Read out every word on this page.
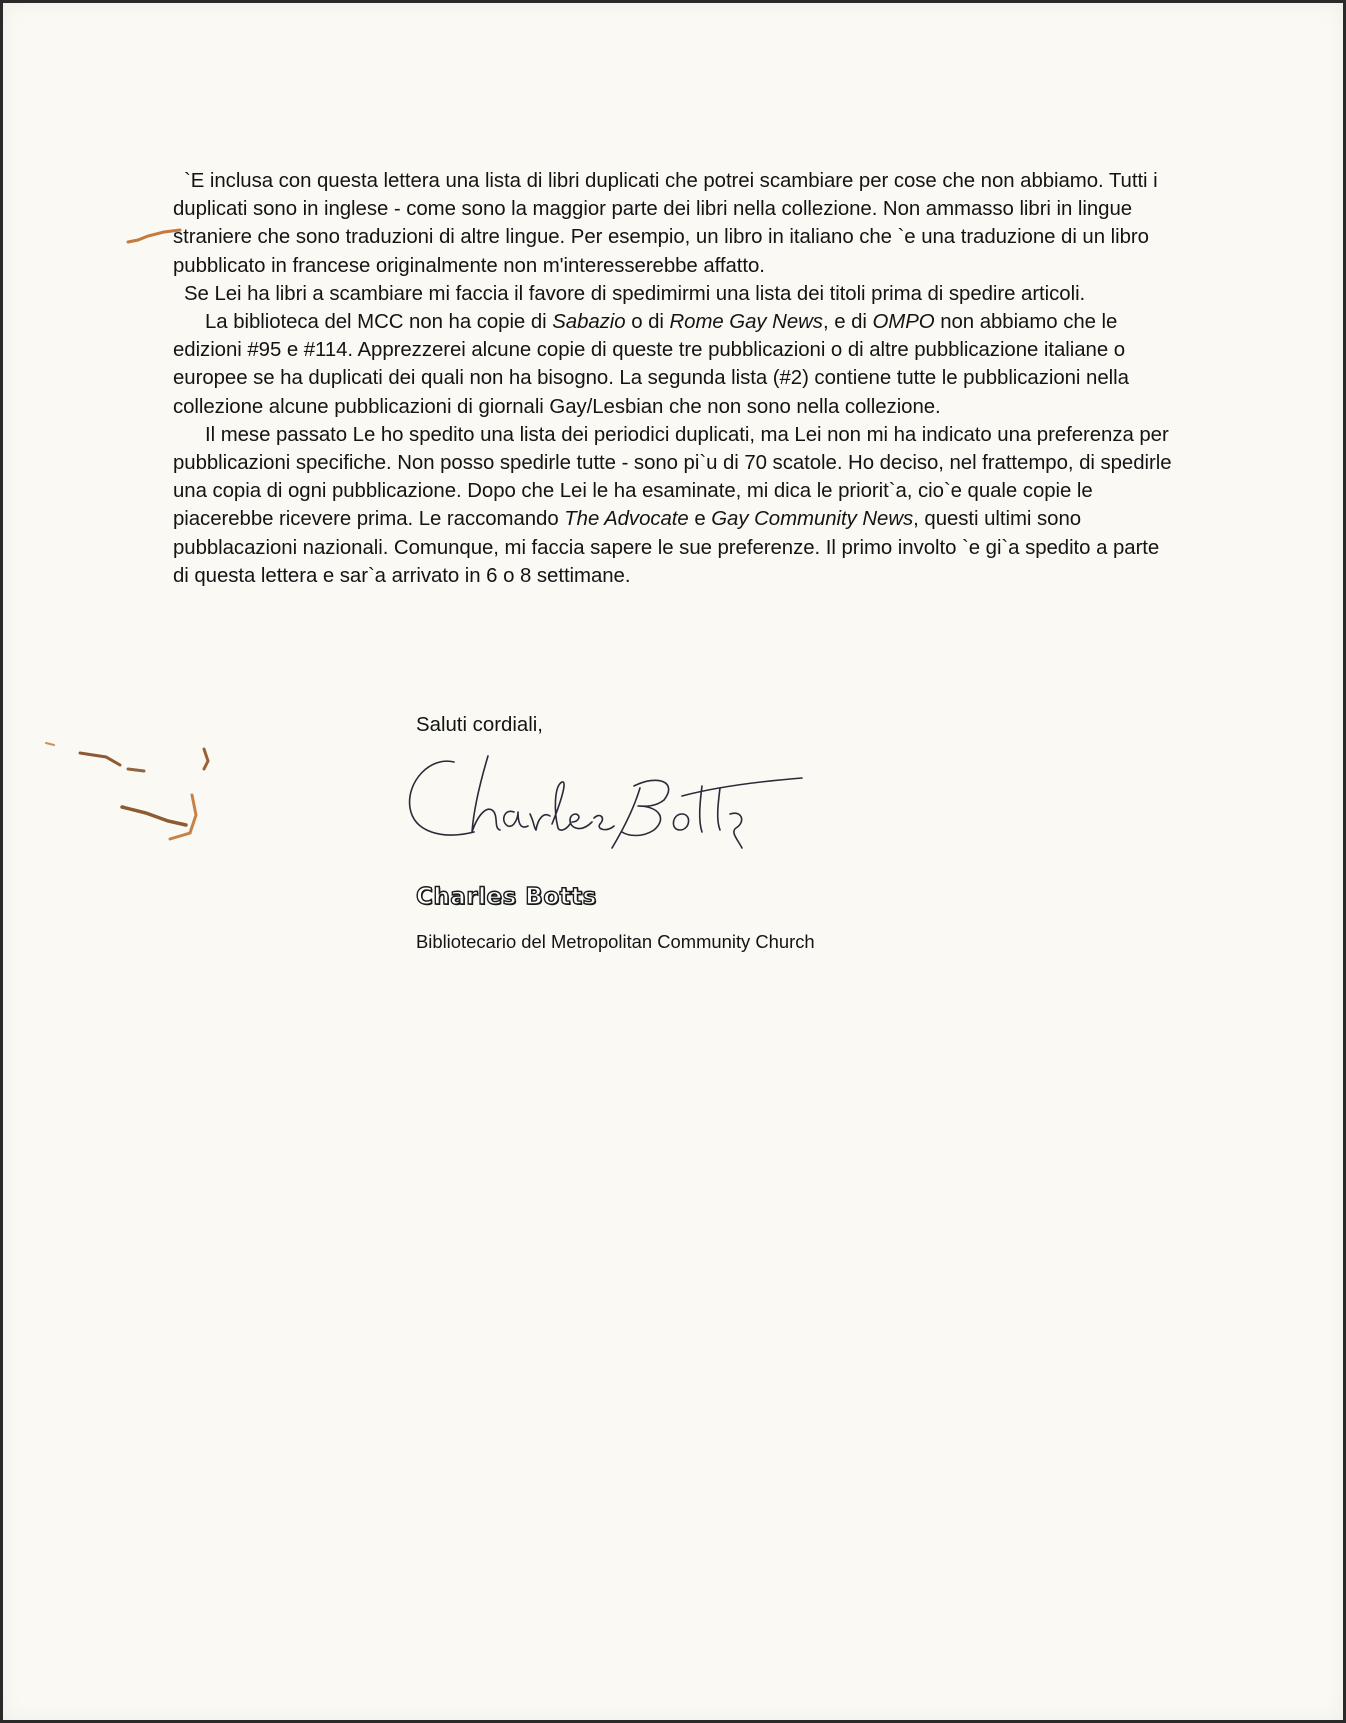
`E inclusa con questa lettera una lista di libri duplicati che potrei scambiare per cose che non abbiamo. Tutti i duplicati sono in inglese - come sono la maggior parte dei libri nella collezione. Non ammasso libri in lingue straniere che sono traduzioni di altre lingue. Per esempio, un libro in italiano che `e una traduzione di un libro pubblicato in francese originalmente non m'interesserebbe affatto.

Se Lei ha libri a scambiare mi faccia il favore di spedimirmi una lista dei titoli prima di spedire articoli.

La biblioteca del MCC non ha copie di Sabazio o di Rome Gay News, e di OMPO non abbiamo che le edizioni #95 e #114. Apprezzerei alcune copie di queste tre pubblicazioni o di altre pubblicazione italiane o europee se ha duplicati dei quali non ha bisogno. La segunda lista (#2) contiene tutte le pubblicazioni nella collezione alcune pubblicazioni di giornali Gay/Lesbian che non sono nella collezione.

Il mese passato Le ho spedito una lista dei periodici duplicati, ma Lei non mi ha indicato una preferenza per pubblicazioni specifiche. Non posso spedirle tutte - sono pi`u di 70 scatole. Ho deciso, nel frattempo, di spedirle una copia di ogni pubblicazione. Dopo che Lei le ha esaminate, mi dica le priorit`a, cio`e quale copie le piacerebbe ricevere prima. Le raccomando The Advocate e Gay Community News, questi ultimi sono pubblacazioni nazionali. Comunque, mi faccia sapere le sue preferenze. Il primo involto `e gi`a spedito a parte di questa lettera e sar`a arrivato in 6 o 8 settimane.

Saluti cordiali,
Charles Botts
Bibliotecario del Metropolitan Community Church
